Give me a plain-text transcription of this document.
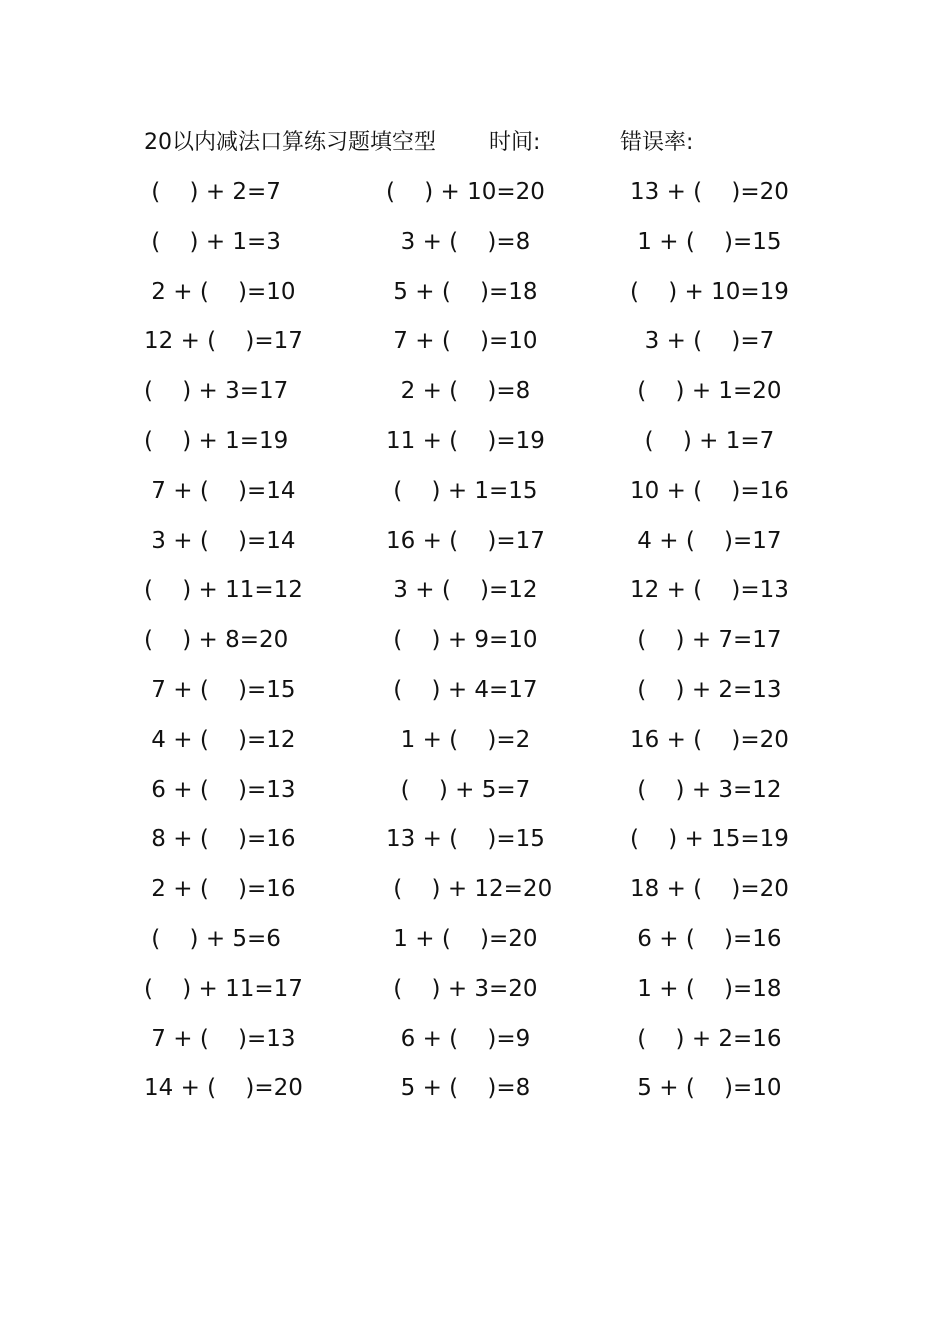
20以内减法口算练习题填空型 时间:	错误率:
(    ) + 2=7	(    ) + 10=20	13 + (    )=20
(    ) + 1=3	3 + (    )=8	1 + (    )=15
2 + (    )=10	5 + (    )=18	(    ) + 10=19
12 + (    )=17	7 + (    )=10	3 + (    )=7
(    ) + 3=17	2 + (    )=8	(    ) + 1=20
(    ) + 1=19	11 + (    )=19	(    ) + 1=7
7 + (    )=14	(    ) + 1=15	10 + (    )=16
3 + (    )=14	16 + (    )=17	4 + (    )=17
(    ) + 11=12	3 + (    )=12	12 + (    )=13
(    ) + 8=20	(    ) + 9=10	(    ) + 7=17
7 + (    )=15	(    ) + 4=17	(    ) + 2=13
4 + (    )=12	1 + (    )=2	16 + (    )=20
6 + (    )=13	(    ) + 5=7	(    ) + 3=12
8 + (    )=16	13 + (    )=15	(    ) + 15=19
2 + (    )=16	(    ) + 12=20	18 + (    )=20
(    ) + 5=6	1 + (    )=20	6 + (    )=16
(    ) + 11=17	(    ) + 3=20	1 + (    )=18
7 + (    )=13	6 + (    )=9	(    ) + 2=16
14 + (    )=20	5 + (    )=8	5 + (    )=10
